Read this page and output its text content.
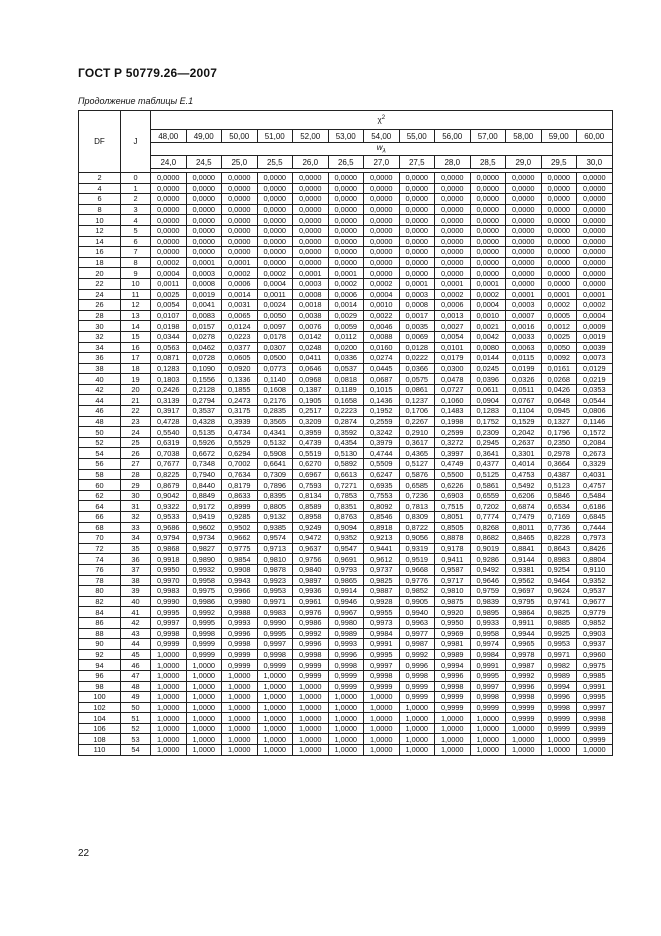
ГОСТ Р 50779.26—2007
Продолжение таблицы Е.1
DF	J	$\chi^2$
		48,00	49,00	50,00	51,00	52,00	53,00	54,00	55,00	56,00	57,00	58,00	59,00	60,00
		$w_\lambda$
		24,0	24,5	25,0	25,5	26,0	26,5	27,0	27,5	28,0	28,5	29,0	29,5	30,0

2	0	0,0000	0,0000	0,0000	0,0000	0,0000	0,0000	0,0000	0,0000	0,0000	0,0000	0,0000	0,0000	0,0000
4	1	0,0000	0,0000	0,0000	0,0000	0,0000	0,0000	0,0000	0,0000	0,0000	0,0000	0,0000	0,0000	0,0000
6	2	0,0000	0,0000	0,0000	0,0000	0,0000	0,0000	0,0000	0,0000	0,0000	0,0000	0,0000	0,0000	0,0000
8	3	0,0000	0,0000	0,0000	0,0000	0,0000	0,0000	0,0000	0,0000	0,0000	0,0000	0,0000	0,0000	0,0000
10	4	0,0000	0,0000	0,0000	0,0000	0,0000	0,0000	0,0000	0,0000	0,0000	0,0000	0,0000	0,0000	0,0000
12	5	0,0000	0,0000	0,0000	0,0000	0,0000	0,0000	0,0000	0,0000	0,0000	0,0000	0,0000	0,0000	0,0000
14	6	0,0000	0,0000	0,0000	0,0000	0,0000	0,0000	0,0000	0,0000	0,0000	0,0000	0,0000	0,0000	0,0000
16	7	0,0000	0,0000	0,0000	0,0000	0,0000	0,0000	0,0000	0,0000	0,0000	0,0000	0,0000	0,0000	0,0000
18	8	0,0002	0,0001	0,0001	0,0000	0,0000	0,0000	0,0000	0,0000	0,0000	0,0000	0,0000	0,0000	0,0000
20	9	0,0004	0,0003	0,0002	0,0002	0,0001	0,0001	0,0000	0,0000	0,0000	0,0000	0,0000	0,0000	0,0000
22	10	0,0011	0,0008	0,0006	0,0004	0,0003	0,0002	0,0002	0,0001	0,0001	0,0001	0,0000	0,0000	0,0000
24	11	0,0025	0,0019	0,0014	0,0011	0,0008	0,0006	0,0004	0,0003	0,0002	0,0002	0,0001	0,0001	0,0001
26	12	0,0054	0,0041	0,0031	0,0024	0,0018	0,0014	0,0010	0,0008	0,0006	0,0004	0,0003	0,0002	0,0002
28	13	0,0107	0,0083	0,0065	0,0050	0,0038	0,0029	0,0022	0,0017	0,0013	0,0010	0,0007	0,0005	0,0004
30	14	0,0198	0,0157	0,0124	0,0097	0,0076	0,0059	0,0046	0,0035	0,0027	0,0021	0,0016	0,0012	0,0009
32	15	0,0344	0,0278	0,0223	0,0178	0,0142	0,0112	0,0088	0,0069	0,0054	0,0042	0,0033	0,0025	0,0019
34	16	0,0563	0,0462	0,0377	0,0307	0,0248	0,0200	0,0160	0,0128	0,0101	0,0080	0,0063	0,0050	0,0039
36	17	0,0871	0,0728	0,0605	0,0500	0,0411	0,0336	0,0274	0,0222	0,0179	0,0144	0,0115	0,0092	0,0073
38	18	0,1283	0,1090	0,0920	0,0773	0,0646	0,0537	0,0445	0,0366	0,0300	0,0245	0,0199	0,0161	0,0129
40	19	0,1803	0,1556	0,1336	0,1140	0,0968	0,0818	0,0687	0,0575	0,0478	0,0396	0,0326	0,0268	0,0219
42	20	0,2426	0,2128	0,1855	0,1608	0,1387	0,1189	0,1015	0,0861	0,0727	0,0611	0,0511	0,0426	0,0353
44	21	0,3139	0,2794	0,2473	0,2176	0,1905	0,1658	0,1436	0,1237	0,1060	0,0904	0,0767	0,0648	0,0544
46	22	0,3917	0,3537	0,3175	0,2835	0,2517	0,2223	0,1952	0,1706	0,1483	0,1283	0,1104	0,0945	0,0806
48	23	0,4728	0,4328	0,3939	0,3565	0,3209	0,2874	0,2559	0,2267	0,1998	0,1752	0,1529	0,1327	0,1146
50	24	0,5540	0,5135	0,4734	0,4341	0,3959	0,3592	0,3242	0,2910	0,2599	0,2309	0,2042	0,1796	0,1572
52	25	0,6319	0,5926	0,5529	0,5132	0,4739	0,4354	0,3979	0,3617	0,3272	0,2945	0,2637	0,2350	0,2084
54	26	0,7038	0,6672	0,6294	0,5908	0,5519	0,5130	0,4744	0,4365	0,3997	0,3641	0,3301	0,2978	0,2673
56	27	0,7677	0,7348	0,7002	0,6641	0,6270	0,5892	0,5509	0,5127	0,4749	0,4377	0,4014	0,3664	0,3329
58	28	0,8225	0,7940	0,7634	0,7309	0,6967	0,6613	0,6247	0,5876	0,5500	0,5125	0,4753	0,4387	0,4031
60	29	0,8679	0,8440	0,8179	0,7896	0,7593	0,7271	0,6935	0,6585	0,6226	0,5861	0,5492	0,5123	0,4757
62	30	0,9042	0,8849	0,8633	0,8395	0,8134	0,7853	0,7553	0,7236	0,6903	0,6559	0,6206	0,5846	0,5484
64	31	0,9322	0,9172	0,8999	0,8805	0,8589	0,8351	0,8092	0,7813	0,7515	0,7202	0,6874	0,6534	0,6186
66	32	0,9533	0,9419	0,9285	0,9132	0,8958	0,8763	0,8546	0,8309	0,8051	0,7774	0,7479	0,7169	0,6845
68	33	0,9686	0,9602	0,9502	0,9385	0,9249	0,9094	0,8918	0,8722	0,8505	0,8268	0,8011	0,7736	0,7444
70	34	0,9794	0,9734	0,9662	0,9574	0,9472	0,9352	0,9213	0,9056	0,8878	0,8682	0,8465	0,8228	0,7973
72	35	0,9868	0,9827	0,9775	0,9713	0,9637	0,9547	0,9441	0,9319	0,9178	0,9019	0,8841	0,8643	0,8426
74	36	0,9918	0,9890	0,9854	0,9810	0,9756	0,9691	0,9612	0,9519	0,9411	0,9286	0,9144	0,8983	0,8804
76	37	0,9950	0,9932	0,9908	0,9878	0,9840	0,9793	0,9737	0,9668	0,9587	0,9492	0,9381	0,9254	0,9110
78	38	0,9970	0,9958	0,9943	0,9923	0,9897	0,9865	0,9825	0,9776	0,9717	0,9646	0,9562	0,9464	0,9352
80	39	0,9983	0,9975	0,9966	0,9953	0,9936	0,9914	0,9887	0,9852	0,9810	0,9759	0,9697	0,9624	0,9537
82	40	0,9990	0,9986	0,9980	0,9971	0,9961	0,9946	0,9928	0,9905	0,9875	0,9839	0,9795	0,9741	0,9677
84	41	0,9995	0,9992	0,9988	0,9983	0,9976	0,9967	0,9955	0,9940	0,9920	0,9895	0,9864	0,9825	0,9779
86	42	0,9997	0,9995	0,9993	0,9990	0,9986	0,9980	0,9973	0,9963	0,9950	0,9933	0,9911	0,9885	0,9852
88	43	0,9998	0,9998	0,9996	0,9995	0,9992	0,9989	0,9984	0,9977	0,9969	0,9958	0,9944	0,9925	0,9903
90	44	0,9999	0,9999	0,9998	0,9997	0,9996	0,9993	0,9991	0,9987	0,9981	0,9974	0,9965	0,9953	0,9937
92	45	1,0000	0,9999	0,9999	0,9998	0,9998	0,9996	0,9995	0,9992	0,9989	0,9984	0,9978	0,9971	0,9960
94	46	1,0000	1,0000	0,9999	0,9999	0,9999	0,9998	0,9997	0,9996	0,9994	0,9991	0,9987	0,9982	0,9975
96	47	1,0000	1,0000	1,0000	1,0000	0,9999	0,9999	0,9998	0,9998	0,9996	0,9995	0,9992	0,9989	0,9985
98	48	1,0000	1,0000	1,0000	1,0000	1,0000	0,9999	0,9999	0,9999	0,9998	0,9997	0,9996	0,9994	0,9991
100	49	1,0000	1,0000	1,0000	1,0000	1,0000	1,0000	1,0000	0,9999	0,9999	0,9998	0,9998	0,9996	0,9995
102	50	1,0000	1,0000	1,0000	1,0000	1,0000	1,0000	1,0000	1,0000	0,9999	0,9999	0,9999	0,9998	0,9997
104	51	1,0000	1,0000	1,0000	1,0000	1,0000	1,0000	1,0000	1,0000	1,0000	1,0000	0,9999	0,9999	0,9998
106	52	1,0000	1,0000	1,0000	1,0000	1,0000	1,0000	1,0000	1,0000	1,0000	1,0000	1,0000	0,9999	0,9999
108	53	1,0000	1,0000	1,0000	1,0000	1,0000	1,0000	1,0000	1,0000	1,0000	1,0000	1,0000	1,0000	0,9999
110	54	1,0000	1,0000	1,0000	1,0000	1,0000	1,0000	1,0000	1,0000	1,0000	1,0000	1,0000	1,0000	1,0000
22
